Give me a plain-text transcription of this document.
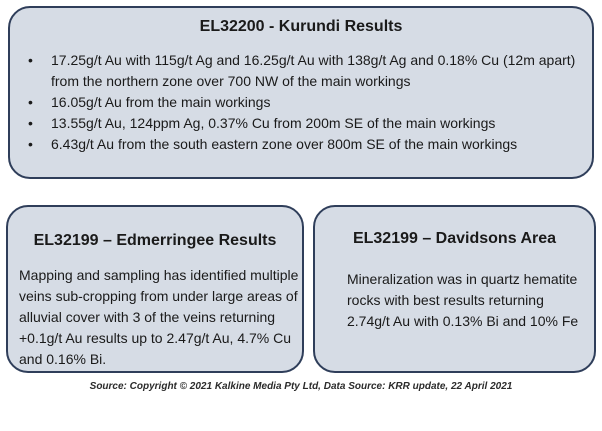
EL32200 - Kurundi Results
• 17.25g/t Au with 115g/t Ag and 16.25g/t Au with 138g/t Ag and 0.18% Cu (12m apart) from the northern zone over 700 NW of the main workings
• 16.05g/t Au from the main workings
• 13.55g/t Au, 124ppm Ag, 0.37% Cu from 200m SE of the main workings
• 6.43g/t Au from the south eastern zone over 800m SE of the main workings
EL32199 – Edmerringee Results
Mapping and sampling has identified multiple veins sub-cropping from under large areas of alluvial cover with 3 of the veins returning +0.1g/t Au results up to 2.47g/t Au, 4.7% Cu and 0.16% Bi.
EL32199 – Davidsons Area
Mineralization was in quartz hematite rocks with best results returning 2.74g/t Au with 0.13% Bi and 10% Fe
Source: Copyright © 2021 Kalkine Media Pty Ltd, Data Source: KRR update, 22 April 2021
